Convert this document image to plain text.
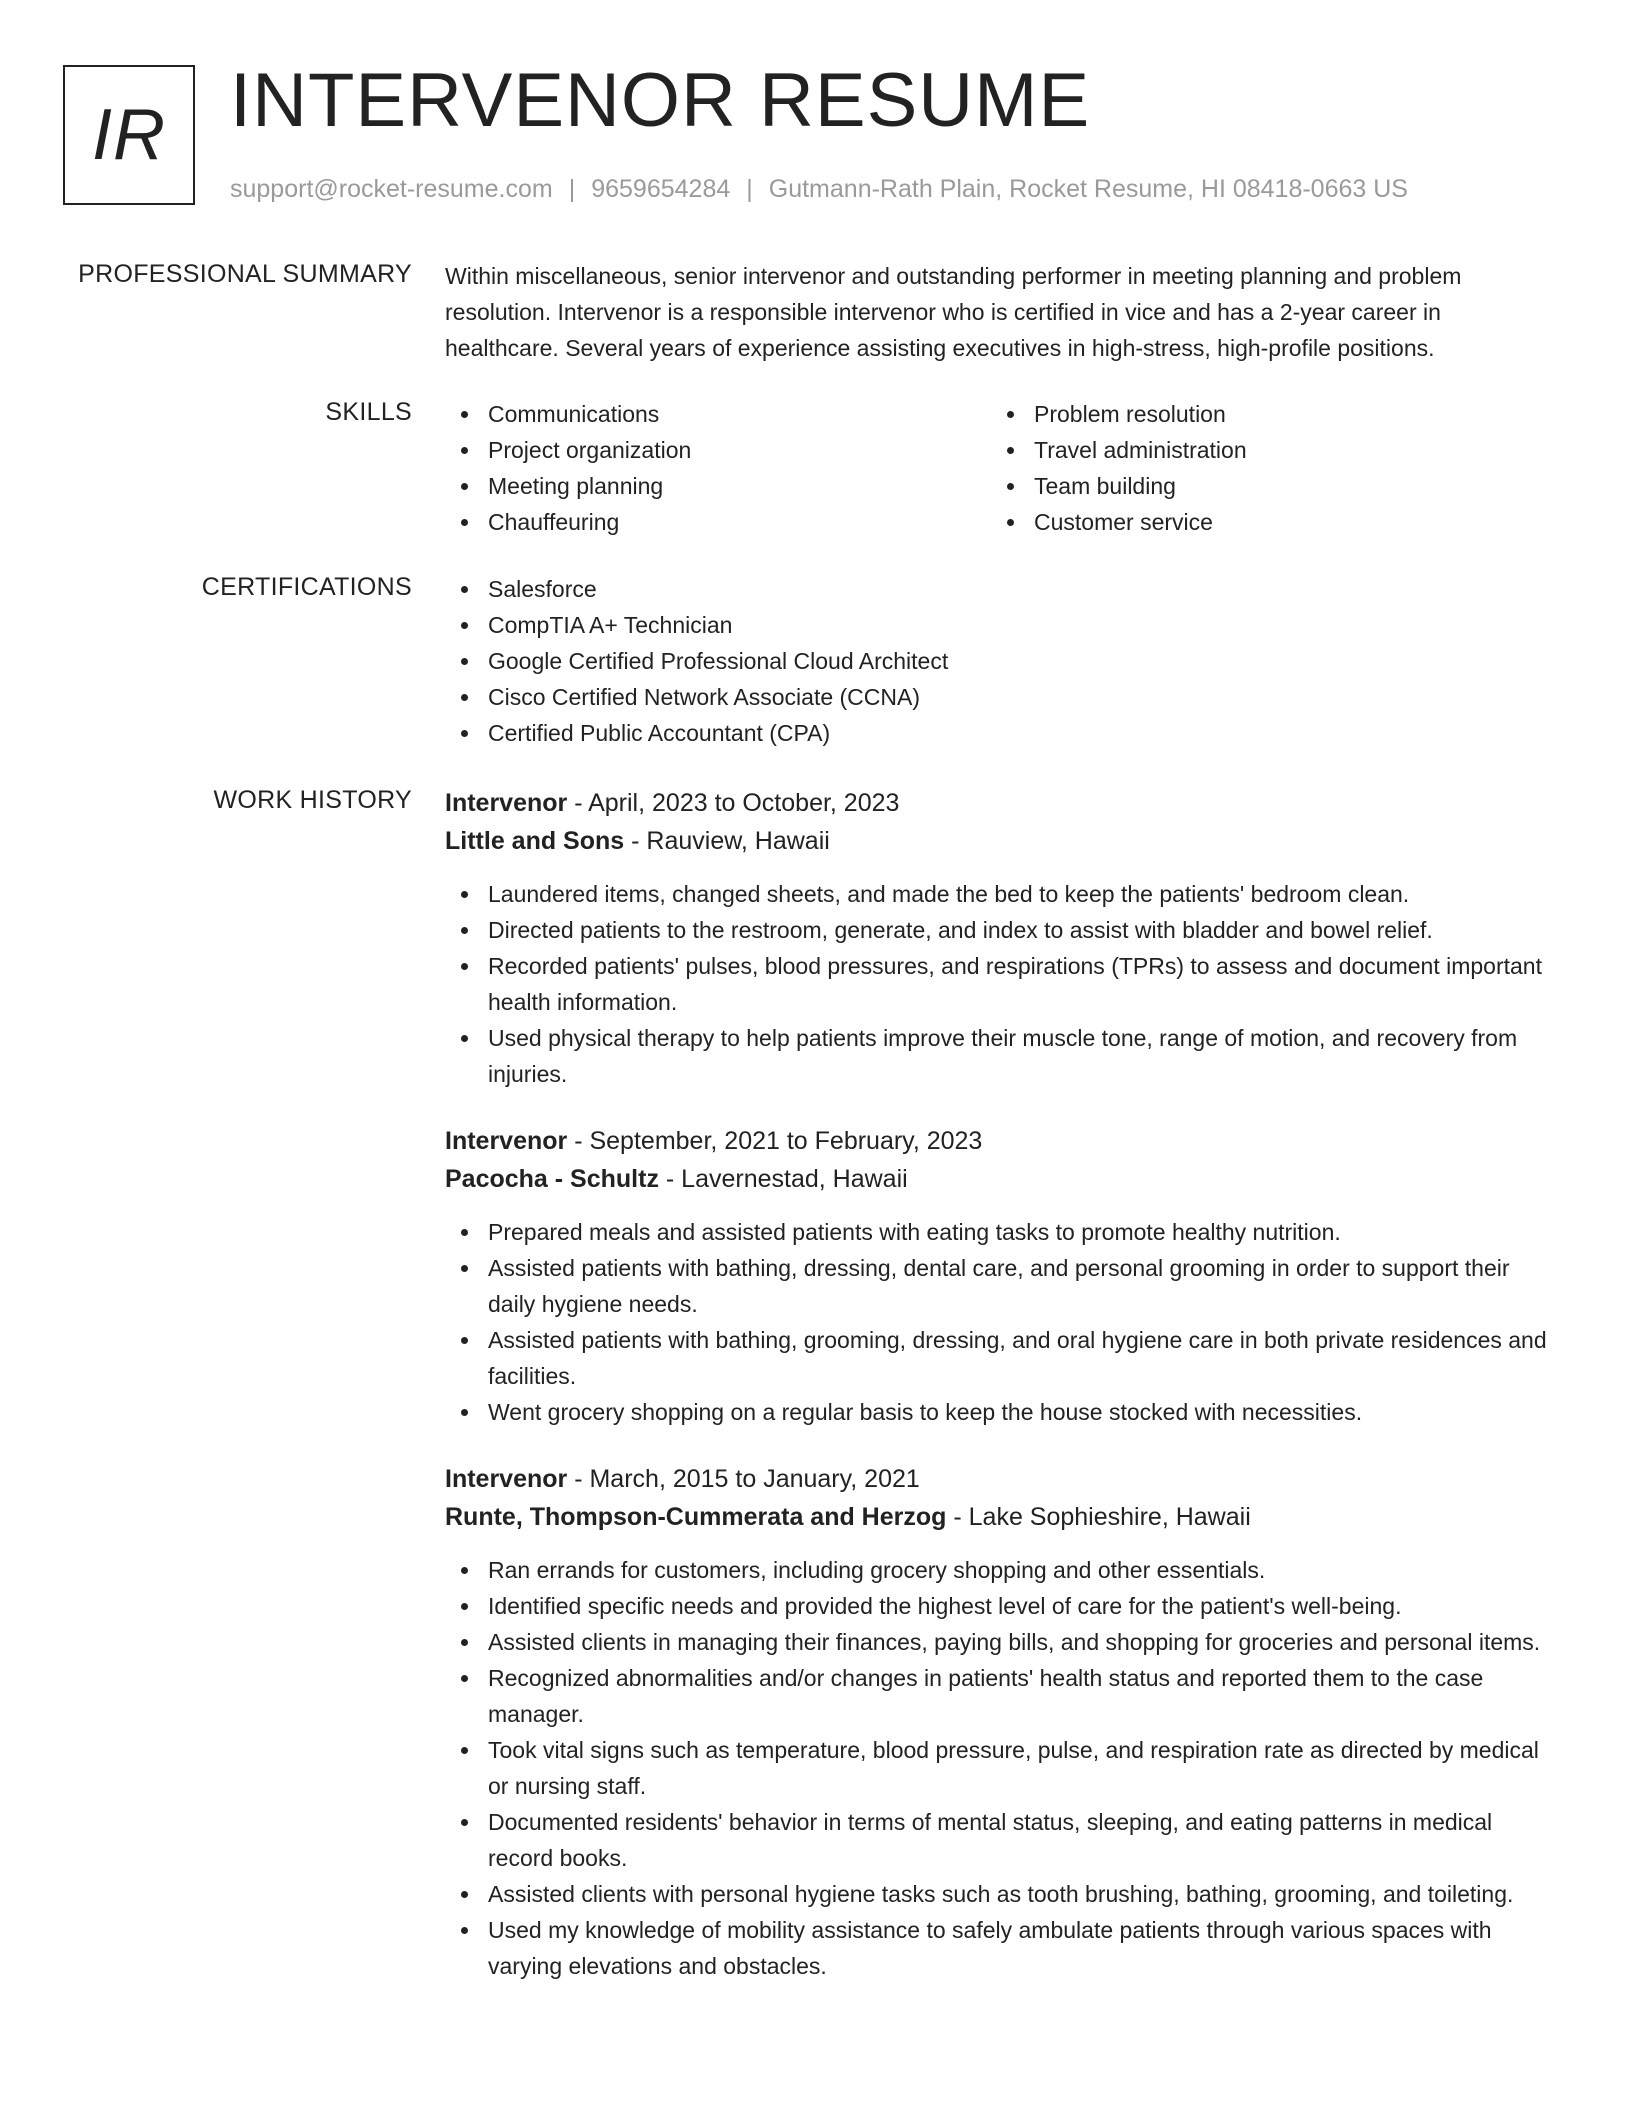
IR INTERVENOR RESUME
support@rocket-resume.com | 9659654284 | Gutmann-Rath Plain, Rocket Resume, HI 08418-0663 US
PROFESSIONAL SUMMARY Within miscellaneous, senior intervenor and outstanding performer in meeting planning and problem resolution. Intervenor is a responsible intervenor who is certified in vice and has a 2-year career in healthcare. Several years of experience assisting executives in high-stress, high-profile positions.
SKILLS	Communications
Project organization
Meeting planning
Chauffeuring
Problem resolution
Travel administration
Team building
Customer service
CERTIFICATIONS	Salesforce
CompTIA A+ Technician
Google Certified Professional Cloud Architect
Cisco Certified Network Associate (CCNA)
Certified Public Accountant (CPA)
WORK HISTORY Intervenor - April, 2023 to October, 2023
Little and Sons - Rauview, Hawaii
Laundered items, changed sheets, and made the bed to keep the patients' bedroom clean.
Directed patients to the restroom, generate, and index to assist with bladder and bowel relief.
Recorded patients' pulses, blood pressures, and respirations (TPRs) to assess and document important health information.
Used physical therapy to help patients improve their muscle tone, range of motion, and recovery from injuries.
Intervenor - September, 2021 to February, 2023
Pacocha - Schultz - Lavernestad, Hawaii
Prepared meals and assisted patients with eating tasks to promote healthy nutrition.
Assisted patients with bathing, dressing, dental care, and personal grooming in order to support their daily hygiene needs.
Assisted patients with bathing, grooming, dressing, and oral hygiene care in both private residences and facilities.
Went grocery shopping on a regular basis to keep the house stocked with necessities.
Intervenor - March, 2015 to January, 2021
Runte, Thompson-Cummerata and Herzog - Lake Sophieshire, Hawaii
Ran errands for customers, including grocery shopping and other essentials.
Identified specific needs and provided the highest level of care for the patient's well-being.
Assisted clients in managing their finances, paying bills, and shopping for groceries and personal items.
Recognized abnormalities and/or changes in patients' health status and reported them to the case manager.
Took vital signs such as temperature, blood pressure, pulse, and respiration rate as directed by medical or nursing staff.
Documented residents' behavior in terms of mental status, sleeping, and eating patterns in medical record books.
Assisted clients with personal hygiene tasks such as tooth brushing, bathing, grooming, and toileting.
Used my knowledge of mobility assistance to safely ambulate patients through various spaces with varying elevations and obstacles.
